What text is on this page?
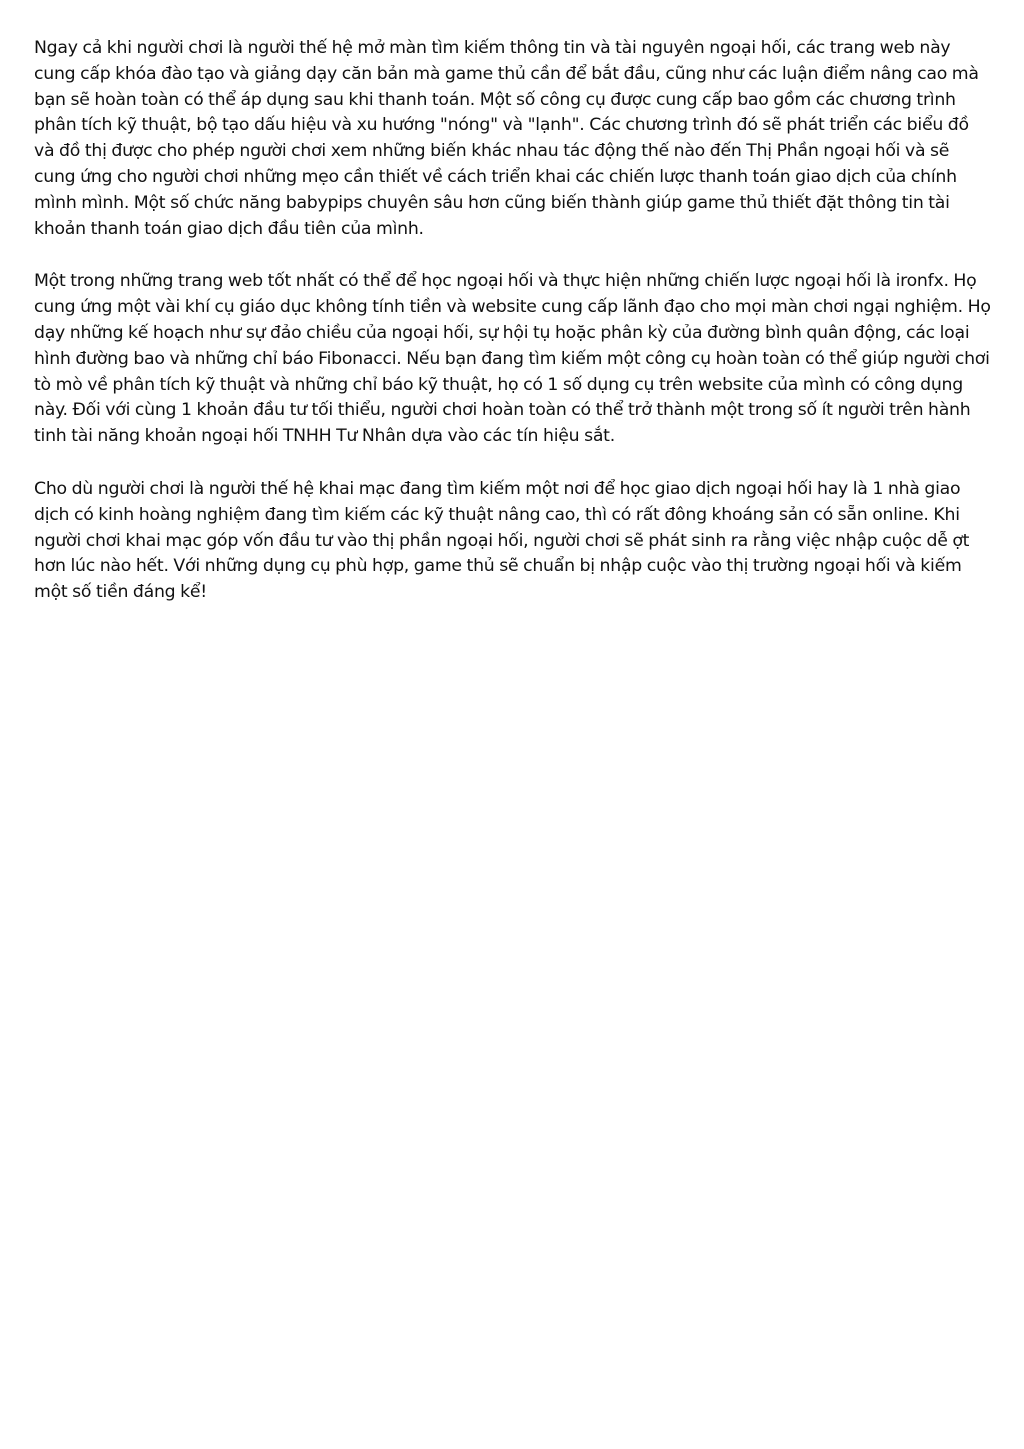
Ngay cả khi người chơi là người thế hệ mở màn tìm kiếm thông tin và tài nguyên ngoại hối, các trang web này cung cấp khóa đào tạo và giảng dạy căn bản mà game thủ cần để bắt đầu, cũng như các luận điểm nâng cao mà bạn sẽ hoàn toàn có thể áp dụng sau khi thanh toán. Một số công cụ được cung cấp bao gồm các chương trình phân tích kỹ thuật, bộ tạo dấu hiệu và xu hướng "nóng" và "lạnh". Các chương trình đó sẽ phát triển các biểu đồ và đồ thị được cho phép người chơi xem những biến khác nhau tác động thế nào đến Thị Phần ngoại hối và sẽ cung ứng cho người chơi những mẹo cần thiết về cách triển khai các chiến lược thanh toán giao dịch của chính mình mình. Một số chức năng babypips chuyên sâu hơn cũng biến thành giúp game thủ thiết đặt thông tin tài khoản thanh toán giao dịch đầu tiên của mình.

Một trong những trang web tốt nhất có thể để học ngoại hối và thực hiện những chiến lược ngoại hối là ironfx. Họ cung ứng một vài khí cụ giáo dục không tính tiền và website cung cấp lãnh đạo cho mọi màn chơi ngại nghiệm. Họ dạy những kế hoạch như sự đảo chiều của ngoại hối, sự hội tụ hoặc phân kỳ của đường bình quân động, các loại hình đường bao và những chỉ báo Fibonacci. Nếu bạn đang tìm kiếm một công cụ hoàn toàn có thể giúp người chơi tò mò về phân tích kỹ thuật và những chỉ báo kỹ thuật, họ có 1 số dụng cụ trên website của mình có công dụng này. Đối với cùng 1 khoản đầu tư tối thiểu, người chơi hoàn toàn có thể trở thành một trong số ít người trên hành tinh tài năng khoản ngoại hối TNHH Tư Nhân dựa vào các tín hiệu sắt.

Cho dù người chơi là người thế hệ khai mạc đang tìm kiếm một nơi để học giao dịch ngoại hối hay là 1 nhà giao dịch có kinh hoàng nghiệm đang tìm kiếm các kỹ thuật nâng cao, thì có rất đông khoáng sản có sẵn online. Khi người chơi khai mạc góp vốn đầu tư vào thị phần ngoại hối, người chơi sẽ phát sinh ra rằng việc nhập cuộc dễ ợt hơn lúc nào hết. Với những dụng cụ phù hợp, game thủ sẽ chuẩn bị nhập cuộc vào thị trường ngoại hối và kiếm một số tiền đáng kể!
